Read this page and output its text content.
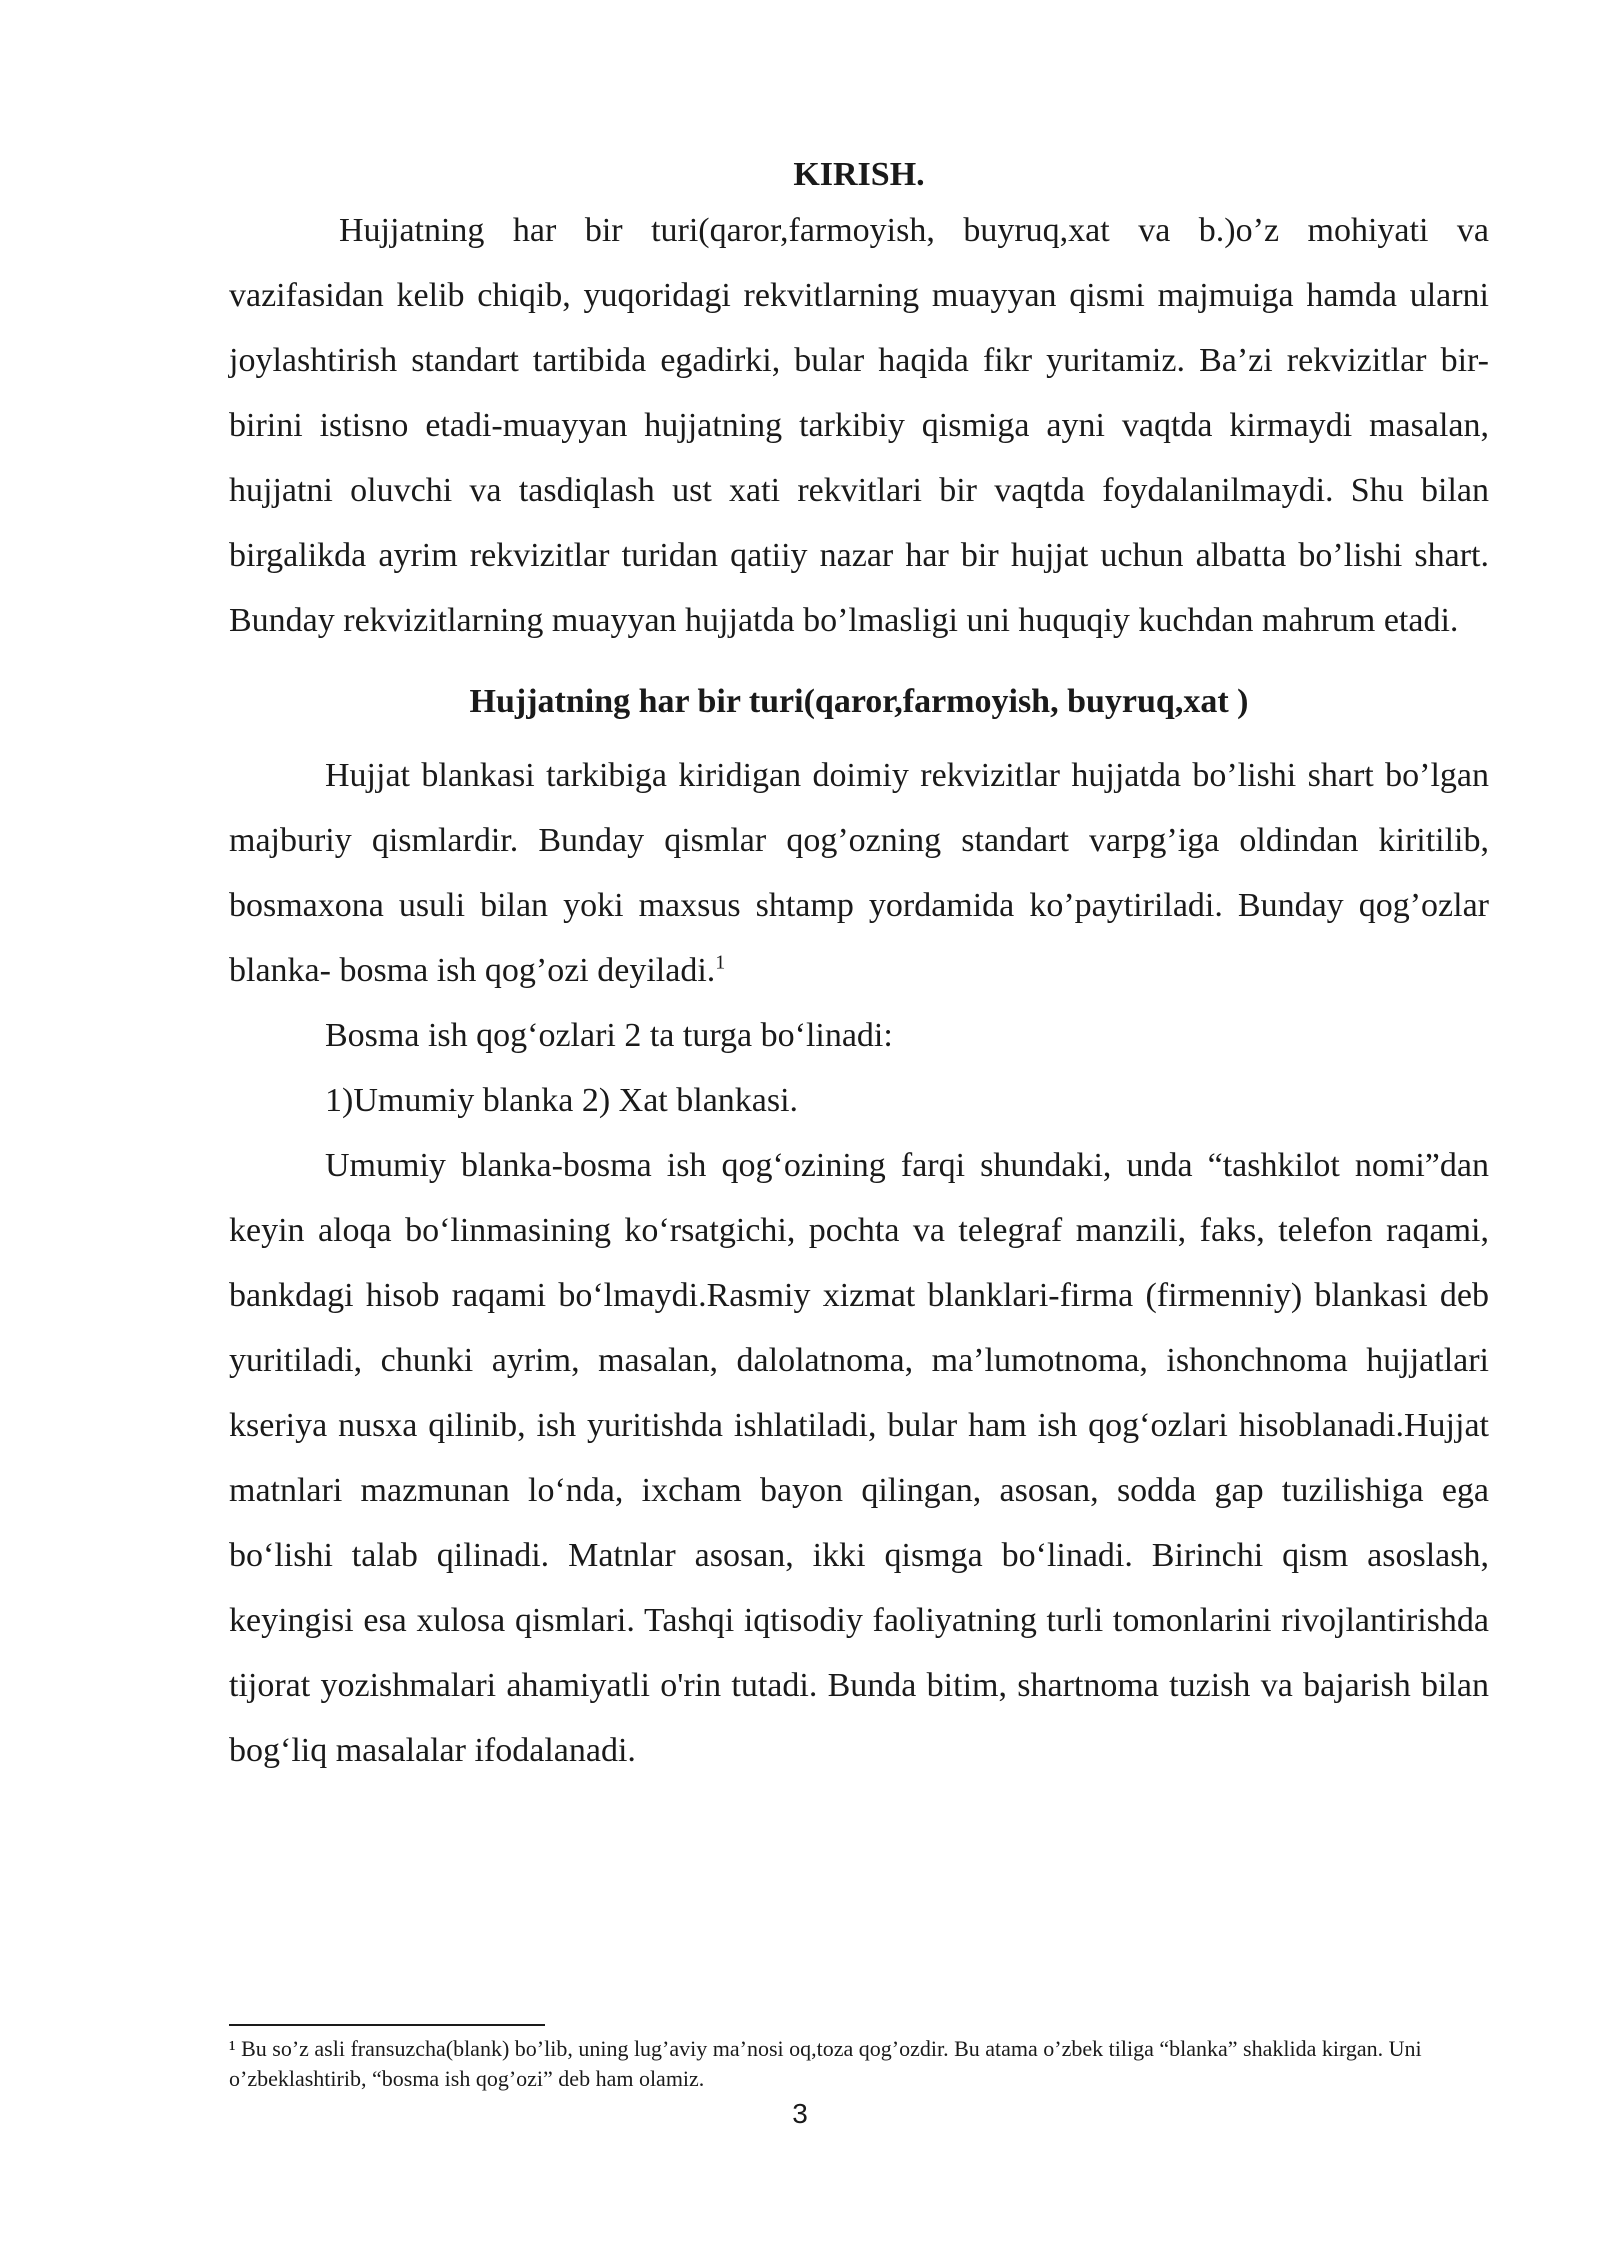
KIRISH.

Hujjatning har bir turi(qaror,farmoyish, buyruq,xat va b.)o’z mohiyati va vazifasidan kelib chiqib, yuqoridagi rekvitlarning muayyan qismi majmuiga hamda ularni joylashtirish standart tartibida egadirki, bular haqida fikr yuritamiz. Ba’zi rekvizitlar bir-birini istisno etadi-muayyan hujjatning tarkibiy qismiga ayni vaqtda kirmaydi masalan, hujjatni oluvchi va tasdiqlash ust xati rekvitlari bir vaqtda foydalanilmaydi. Shu bilan birgalikda ayrim rekvizitlar turidan qatiiy nazar har bir hujjat uchun albatta bo’lishi shart. Bunday rekvizitlarning muayyan hujjatda bo’lmasligi uni huquqiy kuchdan mahrum etadi.

Hujjatning har bir turi(qaror,farmoyish, buyruq,xat )

Hujjat blankasi tarkibiga kiridigan doimiy rekvizitlar hujjatda bo’lishi shart bo’lgan majburiy qismlardir. Bunday qismlar qog’ozning standart varpg’iga oldindan kiritilib, bosmaxona usuli bilan yoki maxsus shtamp yordamida ko’paytiriladi. Bunday qog’ozlar blanka- bosma ish qog’ozi deyiladi.$^1$

Bosma ish qog‘ozlari 2 ta turga bo‘linadi:

1)Umumiy blanka 2) Xat blankasi.

Umumiy blanka-bosma ish qog‘ozining farqi shundaki, unda “tashkilot nomi”dan keyin aloqa bo‘linmasining ko‘rsatgichi, pochta va telegraf manzili, faks, telefon raqami, bankdagi hisob raqami bo‘lmaydi.Rasmiy xizmat blanklari-firma (firmenniy) blankasi deb yuritiladi, chunki ayrim, masalan, dalolatnoma, ma’lumotnoma, ishonchnoma hujjatlari kseriya nusxa qilinib, ish yuritishda ishlatiladi, bular ham ish qog‘ozlari hisoblanadi.Hujjat matnlari mazmunan lo‘nda, ixcham bayon qilingan, asosan, sodda gap tuzilishiga ega bo‘lishi talab qilinadi. Matnlar asosan, ikki qismga bo‘linadi. Birinchi qism asoslash, keyingisi esa xulosa qismlari. Tashqi iqtisodiy faoliyatning turli tomonlarini rivojlantirishda tijorat yozishmalari ahamiyatli o'rin tutadi. Bunda bitim, shartnoma tuzish va bajarish bilan bog‘liq masalalar ifodalanadi.

¹ Bu so’z asli fransuzcha(blank) bo’lib, uning lug’aviy ma’nosi oq,toza qog’ozdir. Bu atama o’zbek tiliga “blanka” shaklida kirgan. Uni o’zbeklashtirib, “bosma ish qog’ozi” deb ham olamiz.
3
